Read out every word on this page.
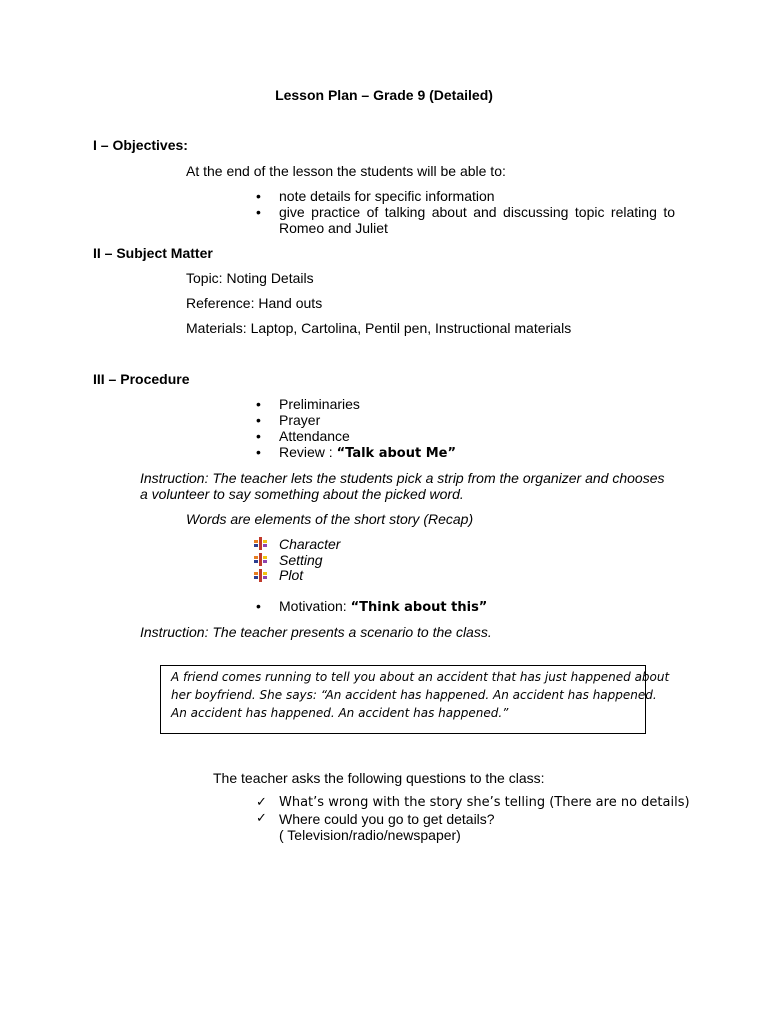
Lesson Plan – Grade 9 (Detailed)
I – Objectives:
At the end of the lesson the students will be able to:
• note details for specific information
• give practice of talking about and discussing topic relating to
Romeo and Juliet
II – Subject Matter
Topic: Noting Details
Reference: Hand outs
Materials: Laptop, Cartolina, Pentil pen, Instructional materials
III – Procedure
• Preliminaries
• Prayer
• Attendance
• Review : “Talk about Me”
Instruction: The teacher lets the students pick a strip from the organizer and chooses
a volunteer to say something about the picked word.
Words are elements of the short story (Recap)
Character
Setting
Plot
• Motivation: “Think about this”
Instruction: The teacher presents a scenario to the class.
A friend comes running to tell you about an accident that has just happened about
her boyfriend. She says: “An accident has happened. An accident has happened.
An accident has happened. An accident has happened.”
The teacher asks the following questions to the class:
✓ What’s wrong with the story she’s telling (There are no details)
✓ Where could you go to get details?
( Television/radio/newspaper)
